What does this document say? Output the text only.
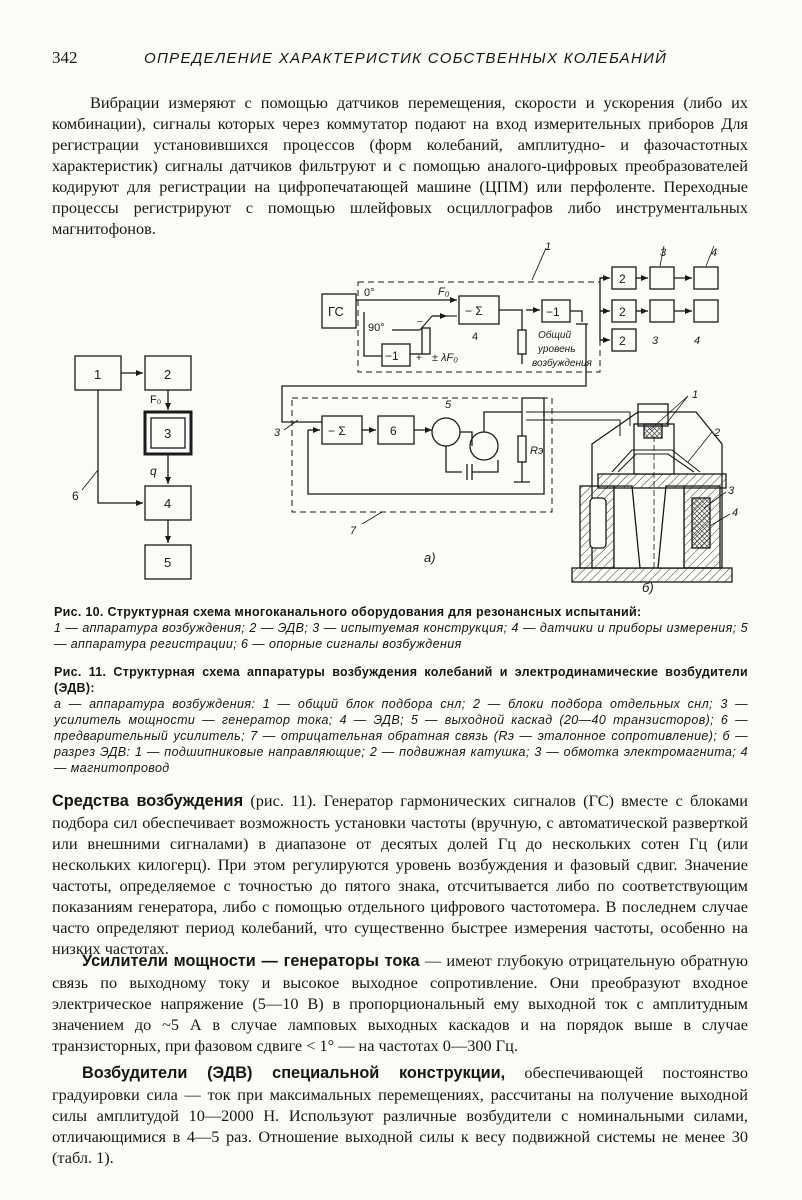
342	ОПРЕДЕЛЕНИЕ ХАРАКТЕРИСТИК СОБСТВЕННЫХ КОЛЕБАНИЙ

Вибрации измеряют с помощью датчиков перемещения, скорости и ускорения (либо их комбинации), сигналы которых через коммутатор подают на вход измерительных приборов Для регистрации установившихся процессов (форм колебаний, амплитудно- и фазочастотных характеристик) сигналы датчиков фильтруют и с помощью аналого-цифровых преобразователей кодируют для регистрации на цифропечатающей машине (ЦПМ) или перфоленте. Переходные процессы регистрируют с помощью шлейфовых осциллографов либо инструментальных магнитофонов.

1	2
F₀
3
q
4
5
6
ГС
0°	F₀
90°
−1 +
−
± λF₀
− Σ
4
−1
Общий
уровень
возбуждения
1
2
2
2
3	4
3	4
3	− Σ	6
5
Rэ
7
а)
1
2
3
4
б)

Рис. 10. Структурная схема многоканального оборудования для резонансных испытаний:
1 — аппаратура возбуждения; 2 — ЭДВ; 3 — испытуемая конструкция; 4 — датчики и приборы измерения; 5 — аппаратура регистрации; 6 — опорные сигналы возбуждения

Рис. 11. Структурная схема аппаратуры возбуждения колебаний и электродинамические возбудители (ЭДВ):
а — аппаратура возбуждения: 1 — общий блок подбора снл; 2 — блоки подбора отдельных снл; 3 — усилитель мощности — генератор тока; 4 — ЭДВ; 5 — выходной каскад (20—40 транзисторов); 6 — предварительный усилитель; 7 — отрицательная обратная связь (Rэ — эталонное сопротивление); б — разрез ЭДВ: 1 — подшипниковые направляющие; 2 — подвижная катушка; 3 — обмотка электромагнита; 4 — магнитопровод

Средства возбуждения (рис. 11). Генератор гармонических сигналов (ГС) вместе с блоками подбора сил обеспечивает возможность установки частоты (вручную, с автоматической разверткой или внешними сигналами) в диапазоне от десятых долей Гц до нескольких сотен Гц (или нескольких килогерц). При этом регулируются уровень возбуждения и фазовый сдвиг. Значение частоты, определяемое с точностью до пятого знака, отсчитывается либо по соответствующим показаниям генератора, либо с помощью отдельного цифрового частотомера. В последнем случае часто определяют период колебаний, что существенно быстрее измерения частоты, особенно на низких частотах.

Усилители мощности — генераторы тока — имеют глубокую отрицательную обратную связь по выходному току и высокое выходное сопротивление. Они преобразуют входное электрическое напряжение (5—10 В) в пропорциональный ему выходной ток с амплитудным значением до ~5 А в случае ламповых выходных каскадов и на порядок выше в случае транзисторных, при фазовом сдвиге < 1° — на частотах 0—300 Гц.

Возбудители (ЭДВ) специальной конструкции, обеспечивающей постоянство градуировки сила — ток при максимальных перемещениях, рассчитаны на получение выходной силы амплитудой 10—2000 Н. Используют различные возбудители с номинальными силами, отличающимися в 4—5 раз. Отношение выходной силы к весу подвижной системы не менее 30 (табл. 1).
